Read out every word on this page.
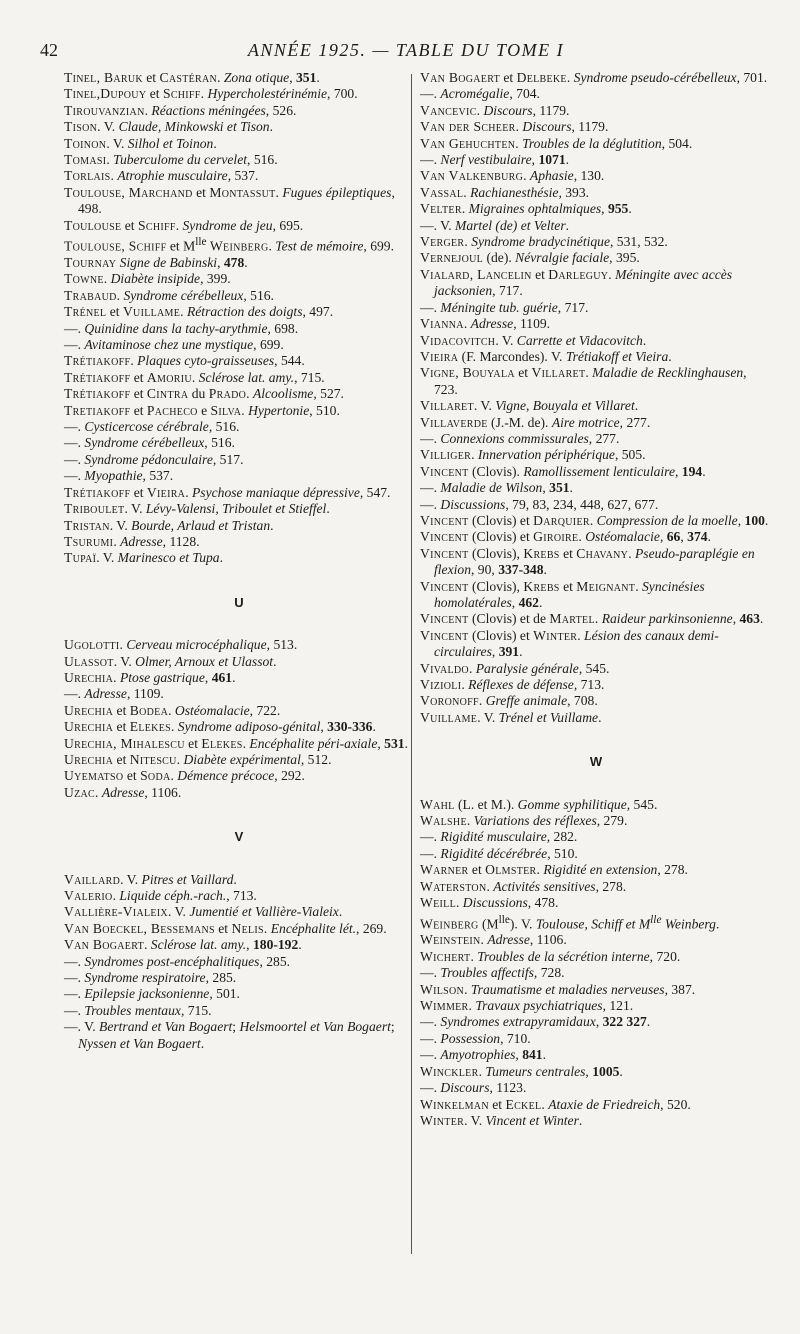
42	ANNÉE 1925. — TABLE DU TOME I

Tinel, Baruk et Castéran. Zona otique, 351.

Tinel,Dupouy et Schiff. Hypercholestérinémie, 700.

Tirouvanzian. Réactions méningées, 526.

Tison. V. Claude, Minkowski et Tison.

Toinon. V. Silhol et Toinon.

Tomasi. Tuberculome du cervelet, 516.

Torlais. Atrophie musculaire, 537.

Toulouse, Marchand et Montassut. Fugues épileptiques, 498.

Toulouse et Schiff. Syndrome de jeu, 695.

Toulouse, Schiff et $M^{lle}$ Weinberg. Test de mémoire, 699.

Tournay Signe de Babinski, 478.

Towne. Diabète insipide, 399.

Trabaud. Syndrome cérébelleux, 516.

Trénel et Vuillame. Rétraction des doigts, 497.

—. Quinidine dans la tachy-arythmie, 698.

—. Avitaminose chez une mystique, 699.

Trétiakoff. Plaques cyto-graisseuses, 544.

Trétiakoff et Amoriu. Sclérose lat. amy., 715.

Trétiakoff et Cintra du Prado. Alcoolisme, 527.

Tretiakoff et Pacheco e Silva. Hypertonie, 510.

—. Cysticercose cérébrale, 516.

—. Syndrome cérébelleux, 516.

—. Syndrome pédonculaire, 517.

—. Myopathie, 537.

Trétiakoff et Vieira. Psychose maniaque dépressive, 547.

Triboulet. V. Lévy-Valensi, Triboulet et Stieffel.

Tristan. V. Bourde, Arlaud et Tristan.

Tsurumi. Adresse, 1128.

Tupaï. V. Marinesco et Tupa.

U

Ugolotti. Cerveau microcéphalique, 513.

Ulassot. V. Olmer, Arnoux et Ulassot.

Urechia. Ptose gastrique, 461.

—. Adresse, 1109.

Urechia et Bodea. Ostéomalacie, 722.

Urechia et Elekes. Syndrome adiposo-génital, 330-336.

Urechia, Mihalescu et Elekes. Encéphalite péri-axiale, 531.

Urechia et Nitescu. Diabète expérimental, 512.

Uyematso et Soda. Démence précoce, 292.

Uzac. Adresse, 1106.

V

Vaillard. V. Pitres et Vaillard.

Valerio. Liquide céph.-rach., 713.

Vallière-Vialeix. V. Jumentié et Vallière-Vialeix.

Van Boeckel, Bessemans et Nelis. Encéphalite lét., 269.

Van Bogaert. Sclérose lat. amy., 180-192.

—. Syndromes post-encéphalitiques, 285.

—. Syndrome respiratoire, 285.

—. Epilepsie jacksonienne, 501.

—. Troubles mentaux, 715.

—. V. Bertrand et Van Bogaert; Helsmoortel et Van Bogaert; Nyssen et Van Bogaert.

Van Bogaert et Delbeke. Syndrome pseudo-cérébelleux, 701.

—. Acromégalie, 704.

Vancevic. Discours, 1179.

Van der Scheer. Discours, 1179.

Van Gehuchten. Troubles de la déglutition, 504.

—. Nerf vestibulaire, 1071.

Van Valkenburg. Aphasie, 130.

Vassal. Rachianesthésie, 393.

Velter. Migraines ophtalmiques, 955.

—. V. Martel (de) et Velter.

Verger. Syndrome bradycinétique, 531, 532.

Vernejoul (de). Névralgie faciale, 395.

Vialard, Lancelin et Darleguy. Méningite avec accès jacksonien, 717.

—. Méningite tub. guérie, 717.

Vianna. Adresse, 1109.

Vidacovitch. V. Carrette et Vidacovitch.

Vieira (F. Marcondes). V. Trétiakoff et Vieira.

Vigne, Bouyala et Villaret. Maladie de Recklinghausen, 723.

Villaret. V. Vigne, Bouyala et Villaret.

Villaverde (J.-M. de). Aire motrice, 277.

—. Connexions commissurales, 277.

Villiger. Innervation périphérique, 505.

Vincent (Clovis). Ramollissement lenticulaire, 194.

—. Maladie de Wilson, 351.

—. Discussions, 79, 83, 234, 448, 627, 677.

Vincent (Clovis) et Darquier. Compression de la moelle, 100.

Vincent (Clovis) et Giroire. Ostéomalacie, 66, 374.

Vincent (Clovis), Krebs et Chavany. Pseudo-paraplégie en flexion, 90, 337-348.

Vincent (Clovis), Krebs et Meignant. Syncinésies homolatérales, 462.

Vincent (Clovis) et de Martel. Raideur parkinsonienne, 463.

Vincent (Clovis) et Winter. Lésion des canaux demi-circulaires, 391.

Vivaldo. Paralysie générale, 545.

Vizioli. Réflexes de défense, 713.

Voronoff. Greffe animale, 708.

Vuillame. V. Trénel et Vuillame.

W

Wahl (L. et M.). Gomme syphilitique, 545.

Walshe. Variations des réflexes, 279.

—. Rigidité musculaire, 282.

—. Rigidité décérébrée, 510.

Warner et Olmster. Rigidité en extension, 278.

Waterston. Activités sensitives, 278.

Weill. Discussions, 478.

Weinberg $(M^{lle})$. V. Toulouse, Schiff et $M^{lle}$ Weinberg.

Weinstein. Adresse, 1106.

Wichert. Troubles de la sécrétion interne, 720.

—. Troubles affectifs, 728.

Wilson. Traumatisme et maladies nerveuses, 387.

Wimmer. Travaux psychiatriques, 121.

—. Syndromes extrapyramidaux, 322 327.

—. Possession, 710.

—. Amyotrophies, 841.

Winckler. Tumeurs centrales, 1005.

—. Discours, 1123.

Winkelman et Eckel. Ataxie de Friedreich, 520.

Winter. V. Vincent et Winter.
